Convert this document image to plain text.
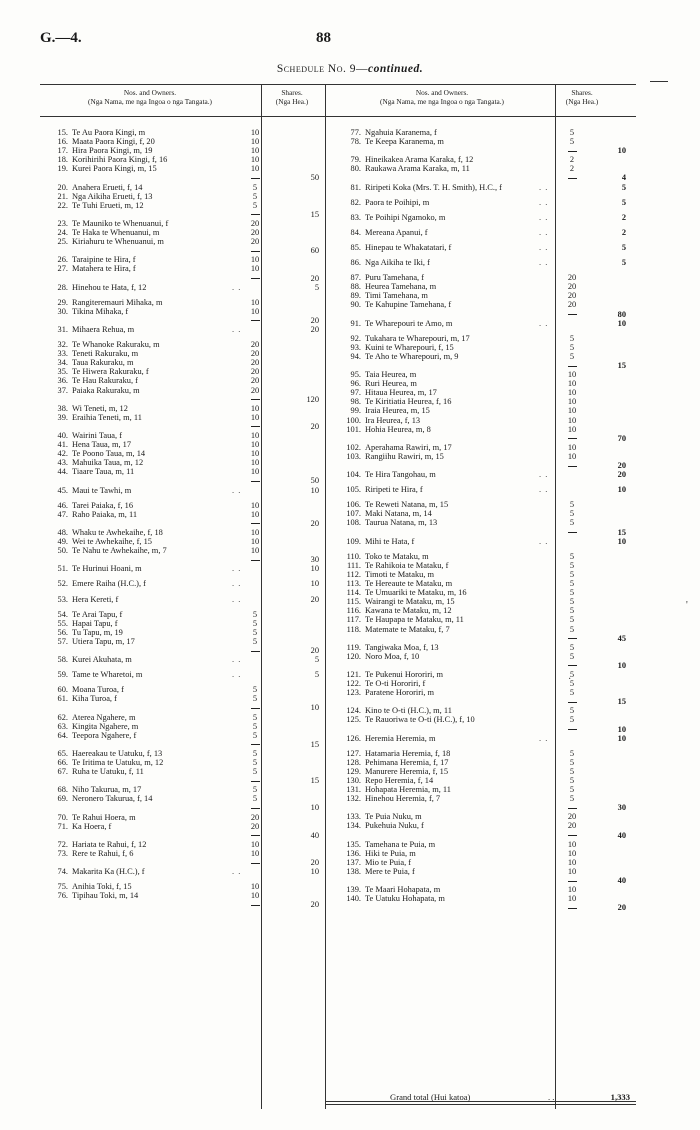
G.—4.	88
Schedule No. 9—continued.
Nos. and Owners.
(Nga Nama, me nga Ingoa o nga Tangata.)
Shares.
(Nga Hea.)
Nos. and Owners.
(Nga Nama, me nga Ingoa o nga Tangata.)
Shares.
(Nga Hea.)
15. Te Au Paora Kingi, m	10
16. Maata Paora Kingi, f, 20	10
17. Hira Paora Kingi, m, 19	10
18. Korihirihi Paora Kingi, f, 16	10
19. Kurei Paora Kingi, m, 15	10
50
20. Anahera Erueti, f, 14	5
21. Nga Aikiha Erueti, f, 13	5
22. Te Tuhi Erueti, m, 12	5
15
23. Te Mauniko te Whenuanui, f	20
24. Te Haka te Whenuanui, m	20
25. Kiriahuru te Whenuanui, m	20
60
26. Taraipine te Hira, f	10
27. Matahera te Hira, f	10
20
28. Hinehou te Hata, f, 12	. .	5
29. Rangiteremauri Mihaka, m	10
30. Tikina Mihaka, f	10
20
31. Mihaera Rehua, m	. .	20
32. Te Whanoke Rakuraku, m	20
33. Teneti Rakuraku, m	20
34. Taua Rakuraku, m	20
35. Te Hiwera Rakuraku, f	20
36. Te Hau Rakuraku, f	20
37. Paiaka Rakuraku, m	20
120
38. Wi Teneti, m, 12	10
39. Eraihia Teneti, m, 11	10
20
40. Wairini Taua, f	10
41. Hena Taua, m, 17	10
42. Te Poono Taua, m, 14	10
43. Mahuika Taua, m, 12	10
44. Tiaare Taua, m, 11	10
50
45. Maui te Tawhi, m	. .	10
46. Tarei Paiaka, f, 16	10
47. Raho Paiaka, m, 11	10
20
48. Whaku te Awhekaihe, f, 18	10
49. Wei te Awhekaihe, f, 15	10
50. Te Nahu te Awhekaihe, m, 7	10
30
51. Te Hurinui Hoani, m	. .	10
52. Emere Raiha (H.C.), f	. .	10
53. Hera Kereti, f	. .	20
54. Te Arai Tapu, f	5
55. Hapai Tapu, f	5
56. Tu Tapu, m, 19	5
57. Utiera Tapu, m, 17	5
20
58. Kurei Akuhata, m	. .	5
59. Tame te Wharetoi, m	. .	5
60. Moana Turoa, f	5
61. Kiha Turoa, f	5
10
62. Aterea Ngahere, m	5
63. Kingita Ngahere, m	5
64. Teepora Ngahere, f	5
15
65. Haereakau te Uatuku, f, 13	5
66. Te Iritima te Uatuku, m, 12	5
67. Ruha te Uatuku, f, 11	5
15
68. Niho Takurua, m, 17	5
69. Neronero Takurua, f, 14	5
10
70. Te Rahui Hoera, m	20
71. Ka Hoera, f	20
40
72. Hariata te Rahui, f, 12	10
73. Rere te Rahui, f, 6	10
20
74. Makarita Ka (H.C.), f	. .	10
75. Anihia Toki, f, 15	10
76. Tipihau Toki, m, 14	10
20
77. Ngahuia Karanema, f	5
78. Te Keepa Karanema, m	5
10
79. Hineikakea Arama Karaka, f, 12	2
80. Raukawa Arama Karaka, m, 11	2
4
81. Riripeti Koka (Mrs. T. H. Smith), H.C., f	. .	5
82. Paora te Poihipi, m	. .	5
83. Te Poihipi Ngamoko, m	. .	2
84. Mereana Apanui, f	. .	2
85. Hinepau te Whakatatari, f	. .	5
86. Nga Aikiha te Iki, f	. .	5
87. Puru Tamehana, f	20
88. Heurea Tamehana, m	20
89. Timi Tamehana, m	20
90. Te Kahupine Tamehana, f	20
80
91. Te Wharepouri te Amo, m	. .	10
92. Tukahara te Wharepouri, m, 17	5
93. Kuini te Wharepouri, f, 15	5
94. Te Aho te Wharepouri, m, 9	5
15
95. Taia Heurea, m	10
96. Ruri Heurea, m	10
97. Hitaua Heurea, m, 17	10
98. Te Kiritiatia Heurea, f, 16	10
99. Iraia Heurea, m, 15	10
100. Ira Heurea, f, 13	10
101. Hohia Heurea, m, 8	10
70
102. Aperahama Rawiri, m, 17	10
103. Rangiihu Rawiri, m, 15	10
20
104. Te Hira Tangohau, m	. .	20
105. Riripeti te Hira, f	. .	10
106. Te Reweti Natana, m, 15	5
107. Maki Natana, m, 14	5
108. Taurua Natana, m, 13	5
15
109. Mihi te Hata, f	. .	10
110. Toko te Mataku, m	5
111. Te Rahikoia te Mataku, f	5
112. Timoti te Mataku, m	5
113. Te Hereaute te Mataku, m	5
114. Te Umuariki te Mataku, m, 16	5
115. Wairangi te Mataku, m, 15	5
116. Kawana te Mataku, m, 12	5
117. Te Haupapa te Mataku, m, 11	5
118. Matemate te Mataku, f, 7	5
45
119. Tangiwaka Moa, f, 13	5
120. Noro Moa, f, 10	5
10
121. Te Pukenui Hororiri, m	5
122. Te O-ti Hororiri, f	5
123. Paratene Hororiri, m	5
15
124. Kino te O-ti (H.C.), m, 11	5
125. Te Rauoriwa te O-ti (H.C.), f, 10	5
10
126. Heremia Heremia, m	. .	10
127. Hatamaria Heremia, f, 18	5
128. Pehimana Heremia, f, 17	5
129. Manurere Heremia, f, 15	5
130. Repo Heremia, f, 14	5
131. Hohapata Heremia, m, 11	5
132. Hinehou Heremia, f, 7	5
30
133. Te Puia Nuku, m	20
134. Pukehuia Nuku, f	20
40
135. Tamehana te Puia, m	10
136. Hiki te Puia, m	10
137. Mio te Puia, f	10
138. Mere te Puia, f	10
40
139. Te Maari Hohapata, m	10
140. Te Uatuku Hohapata, m	10
20
Grand total (Hui katoa)	. .	1,333
·
'
